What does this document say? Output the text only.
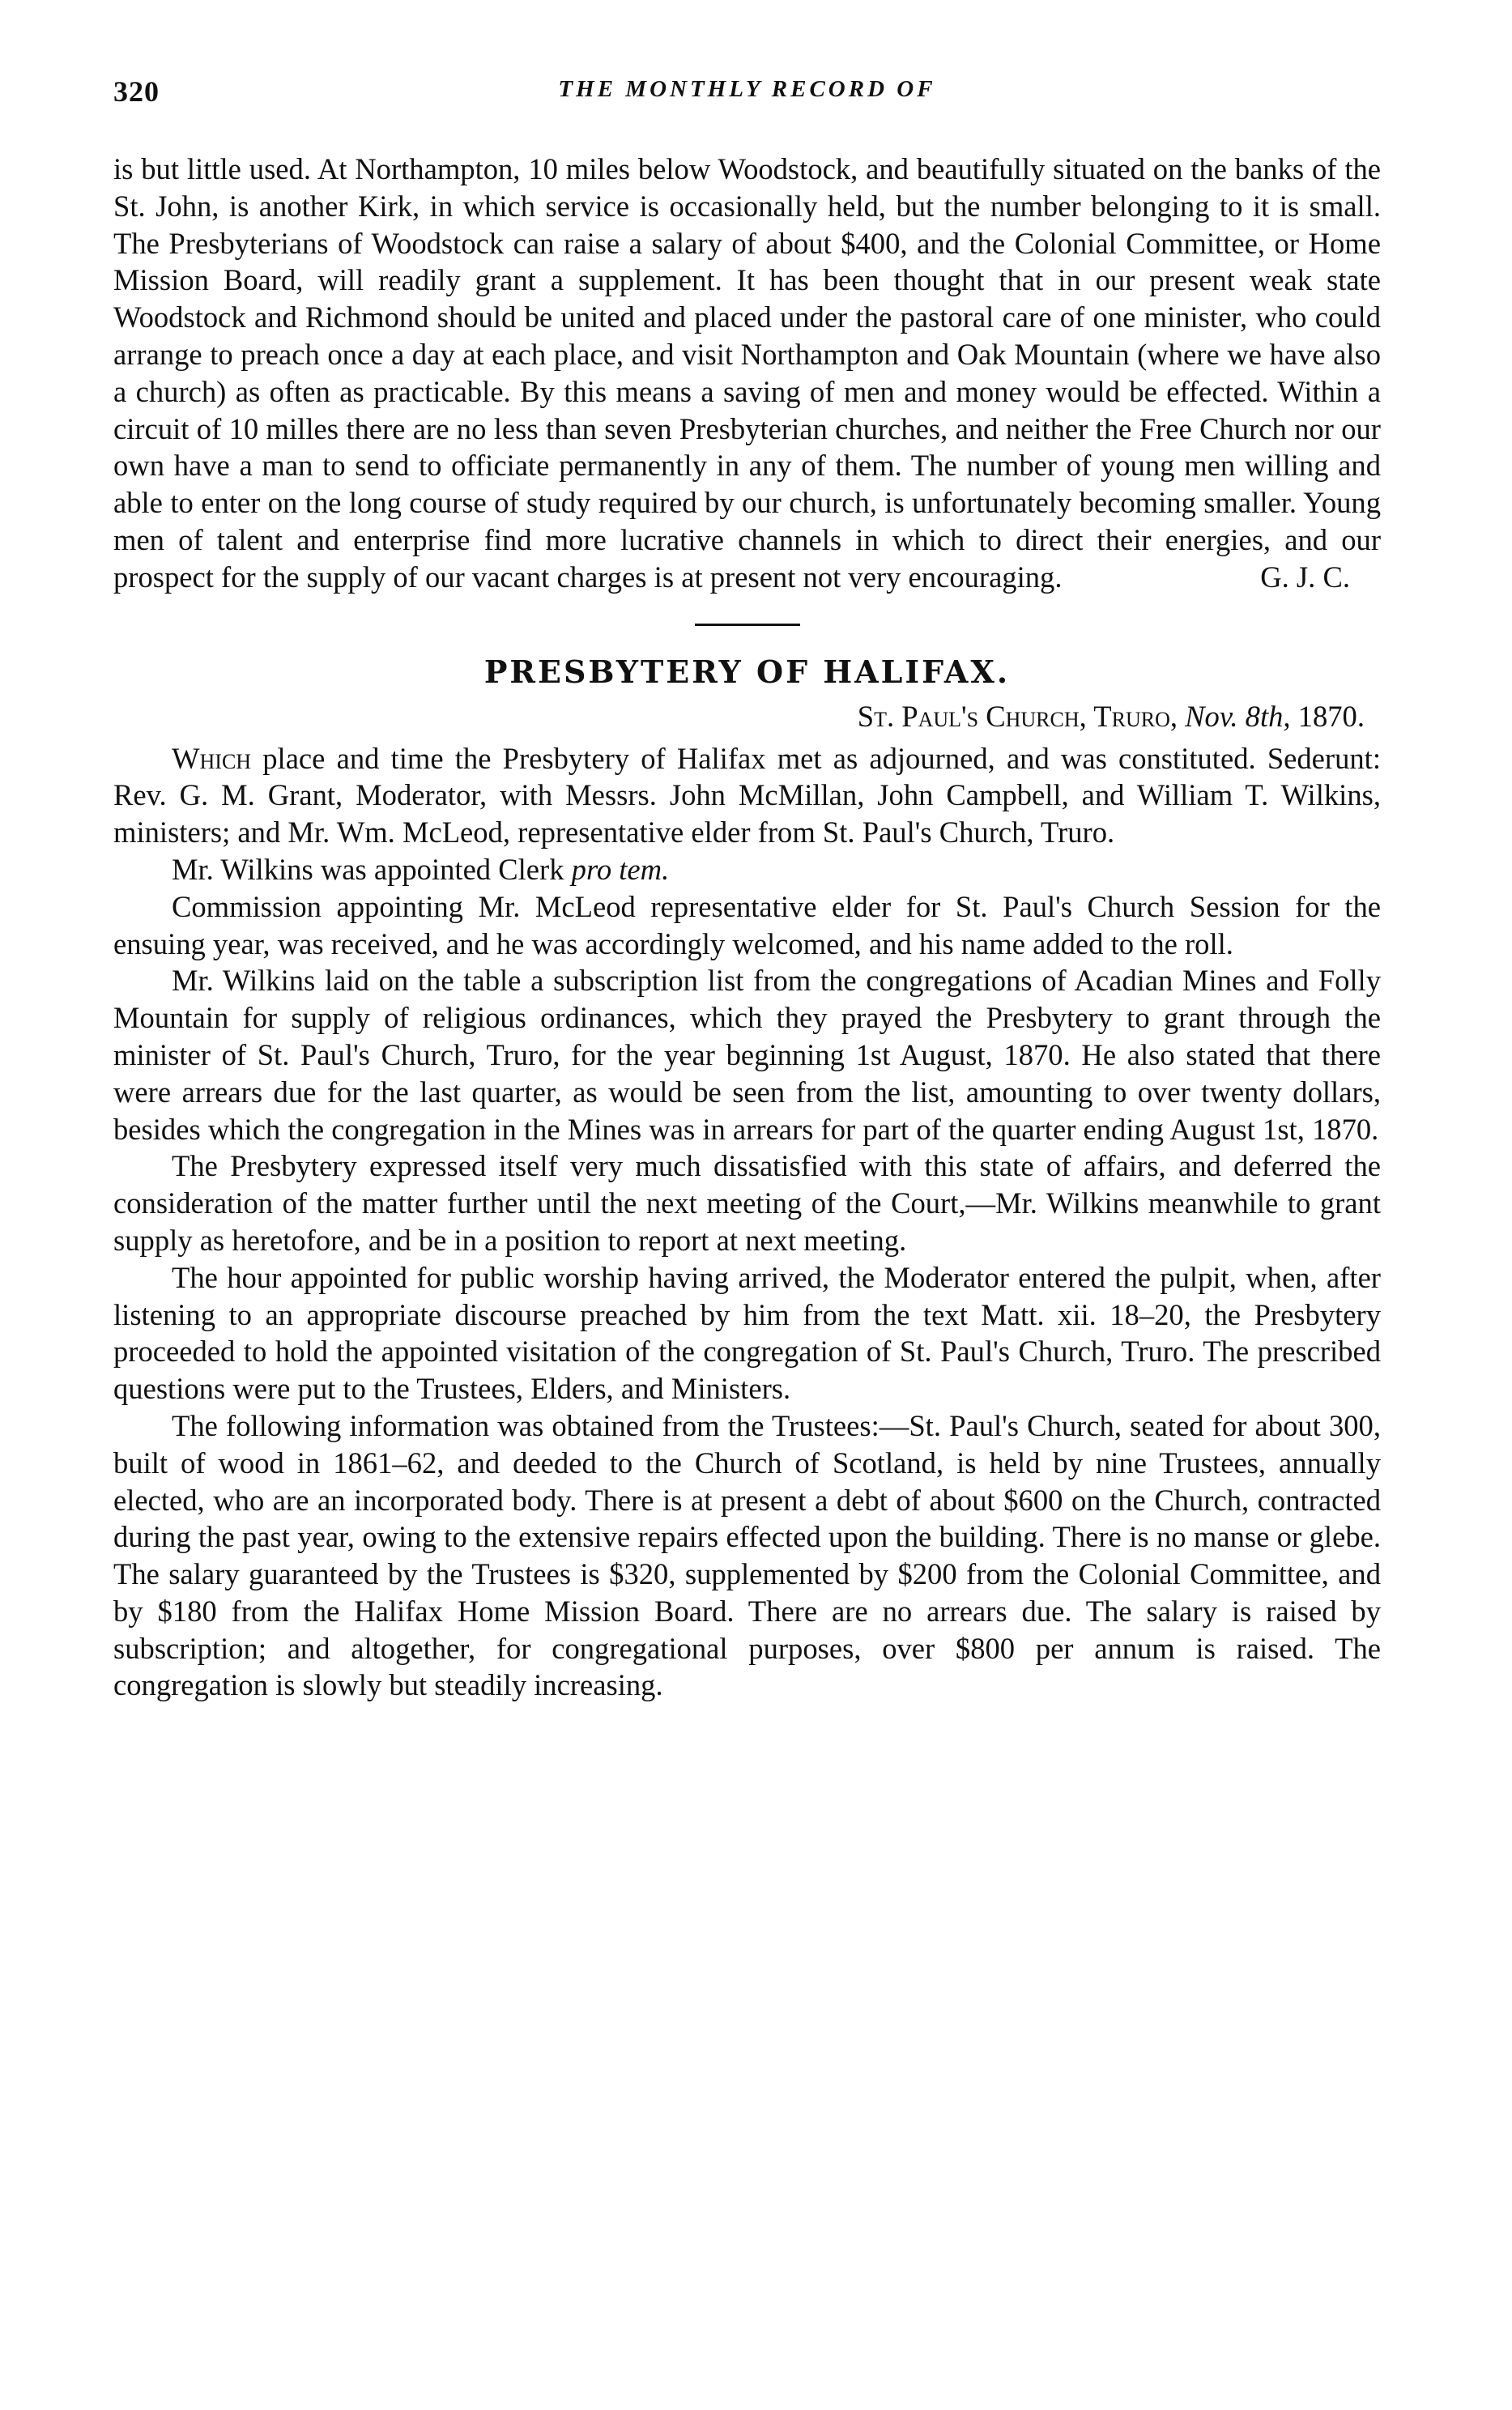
320	THE MONTHLY RECORD OF

is but little used. At Northampton, 10 miles below Woodstock, and beautifully situated on the banks of the St. John, is another Kirk, in which service is occasionally held, but the number belonging to it is small. The Presbyterians of Woodstock can raise a salary of about $400, and the Colonial Committee, or Home Mission Board, will readily grant a supplement. It has been thought that in our present weak state Woodstock and Richmond should be united and placed under the pastoral care of one minister, who could arrange to preach once a day at each place, and visit Northampton and Oak Mountain (where we have also a church) as often as practicable. By this means a saving of men and money would be effected. Within a circuit of 10 milles there are no less than seven Presbyterian churches, and neither the Free Church nor our own have a man to send to officiate permanently in any of them. The number of young men willing and able to enter on the long course of study required by our church, is unfortunately becoming smaller. Young men of talent and enterprise find more lucrative channels in which to direct their energies, and our prospect for the supply of our vacant charges is at present not very encouraging.	G. J. C.

PRESBYTERY OF HALIFAX.

St. Paul's Church, Truro, Nov. 8th, 1870.

Which place and time the Presbytery of Halifax met as adjourned, and was constituted. Sederunt: Rev. G. M. Grant, Moderator, with Messrs. John McMillan, John Campbell, and William T. Wilkins, ministers; and Mr. Wm. McLeod, representative elder from St. Paul's Church, Truro.

Mr. Wilkins was appointed Clerk pro tem.

Commission appointing Mr. McLeod representative elder for St. Paul's Church Session for the ensuing year, was received, and he was accordingly welcomed, and his name added to the roll.

Mr. Wilkins laid on the table a subscription list from the congregations of Acadian Mines and Folly Mountain for supply of religious ordinances, which they prayed the Presbytery to grant through the minister of St. Paul's Church, Truro, for the year beginning 1st August, 1870. He also stated that there were arrears due for the last quarter, as would be seen from the list, amounting to over twenty dollars, besides which the congregation in the Mines was in arrears for part of the quarter ending August 1st, 1870.

The Presbytery expressed itself very much dissatisfied with this state of affairs, and deferred the consideration of the matter further until the next meeting of the Court,—Mr. Wilkins meanwhile to grant supply as heretofore, and be in a position to report at next meeting.

The hour appointed for public worship having arrived, the Moderator entered the pulpit, when, after listening to an appropriate discourse preached by him from the text Matt. xii. 18–20, the Presbytery proceeded to hold the appointed visitation of the congregation of St. Paul's Church, Truro. The prescribed questions were put to the Trustees, Elders, and Ministers.

The following information was obtained from the Trustees:—St. Paul's Church, seated for about 300, built of wood in 1861–62, and deeded to the Church of Scotland, is held by nine Trustees, annually elected, who are an incorporated body. There is at present a debt of about $600 on the Church, contracted during the past year, owing to the extensive repairs effected upon the building. There is no manse or glebe. The salary guaranteed by the Trustees is $320, supplemented by $200 from the Colonial Committee, and by $180 from the Halifax Home Mission Board. There are no arrears due. The salary is raised by subscription; and altogether, for congregational purposes, over $800 per annum is raised. The congregation is slowly but steadily increasing.
